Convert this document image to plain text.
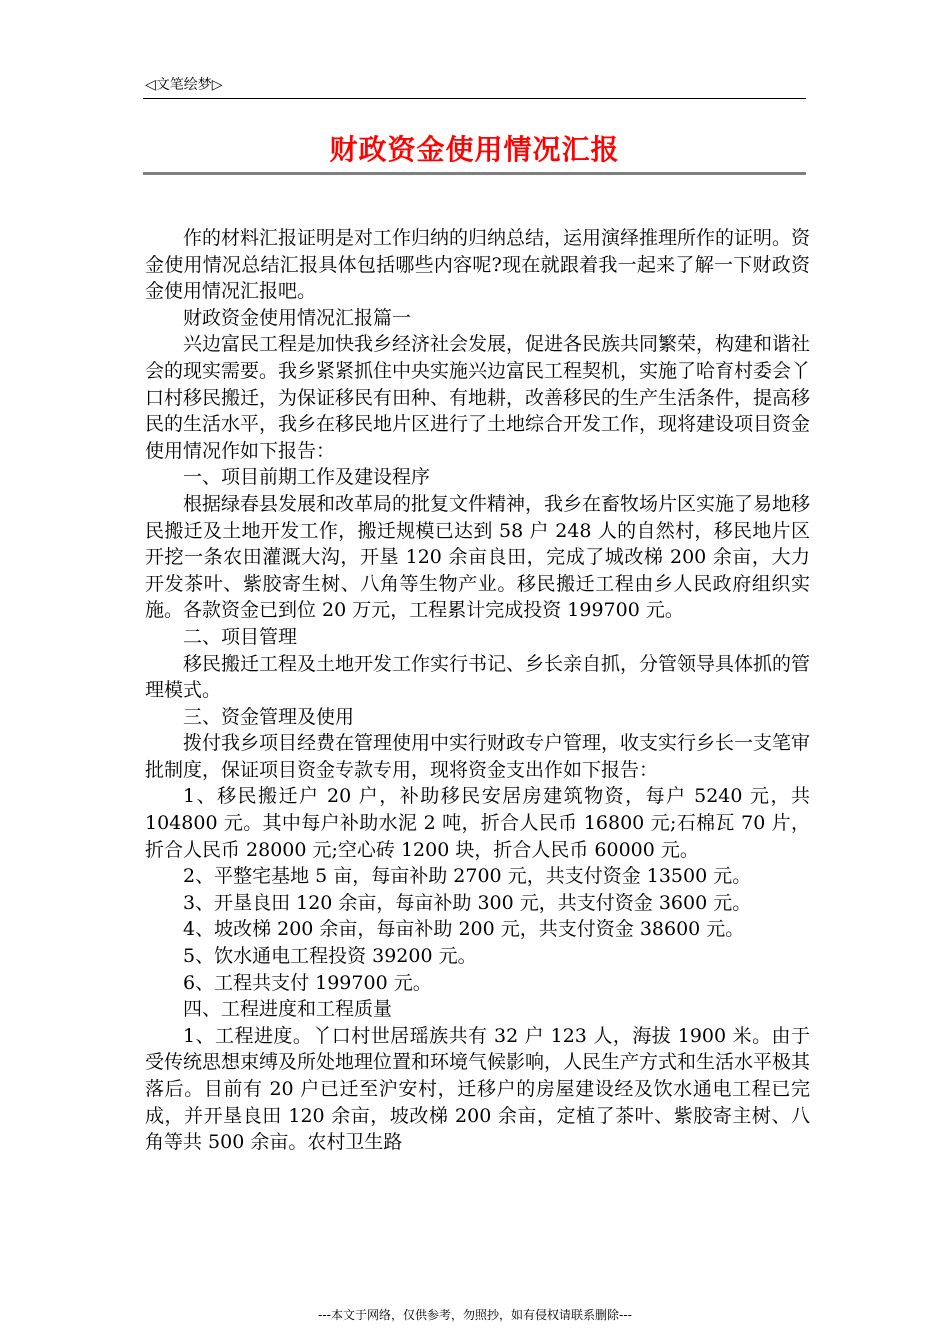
◁文笔绘梦▷
财政资金使用情况汇报

作的材料汇报证明是对工作归纳的归纳总结，运用演绎推理所作的证明。资金使用情况总结汇报具体包括哪些内容呢?现在就跟着我一起来了解一下财政资金使用情况汇报吧。

财政资金使用情况汇报篇一

兴边富民工程是加快我乡经济社会发展，促进各民族共同繁荣，构建和谐社会的现实需要。我乡紧紧抓住中央实施兴边富民工程契机，实施了哈育村委会丫口村移民搬迁，为保证移民有田种、有地耕，改善移民的生产生活条件，提高移民的生活水平，我乡在移民地片区进行了土地综合开发工作，现将建设项目资金使用情况作如下报告：

一、项目前期工作及建设程序

根据绿春县发展和改革局的批复文件精神，我乡在畜牧场片区实施了易地移民搬迁及土地开发工作，搬迁规模已达到 58 户 248 人的自然村，移民地片区开挖一条农田灌溉大沟，开垦 120 余亩良田，完成了城改梯 200 余亩，大力开发茶叶、紫胶寄生树、八角等生物产业。移民搬迁工程由乡人民政府组织实施。各款资金已到位 20 万元，工程累计完成投资 199700 元。

二、项目管理

移民搬迁工程及土地开发工作实行书记、乡长亲自抓，分管领导具体抓的管理模式。

三、资金管理及使用

拨付我乡项目经费在管理使用中实行财政专户管理，收支实行乡长一支笔审批制度，保证项目资金专款专用，现将资金支出作如下报告：

1、移民搬迁户 20 户，补助移民安居房建筑物资，每户 5240 元，共 104800 元。其中每户补助水泥 2 吨，折合人民币 16800 元;石棉瓦 70 片，折合人民币 28000 元;空心砖 1200 块，折合人民币 60000 元。

2、平整宅基地 5 亩，每亩补助 2700 元，共支付资金 13500 元。

3、开垦良田 120 余亩，每亩补助 300 元，共支付资金 3600 元。

4、坡改梯 200 余亩，每亩补助 200 元，共支付资金 38600 元。

5、饮水通电工程投资 39200 元。

6、工程共支付 199700 元。

四、工程进度和工程质量

1、工程进度。丫口村世居瑶族共有 32 户 123 人，海拔 1900 米。由于受传统思想束缚及所处地理位置和环境气候影响，人民生产方式和生活水平极其落后。目前有 20 户已迁至沪安村，迁移户的房屋建设经及饮水通电工程已完成，并开垦良田 120 余亩，坡改梯 200 余亩，定植了茶叶、紫胶寄主树、八角等共 500 余亩。农村卫生路

---本文于网络，仅供参考，勿照抄，如有侵权请联系删除---
